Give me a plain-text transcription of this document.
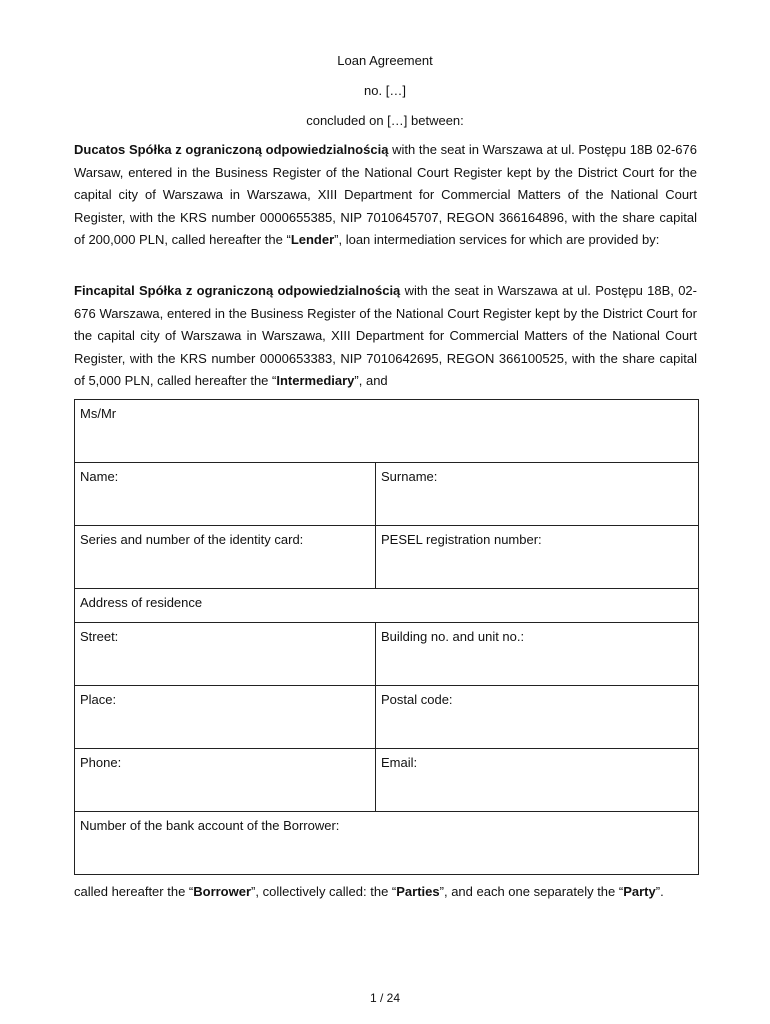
Loan Agreement
no. […]
concluded on […] between:
Ducatos Spółka z ograniczoną odpowiedzialnością with the seat in Warszawa at ul. Postępu 18B 02-676 Warsaw, entered in the Business Register of the National Court Register kept by the District Court for the capital city of Warszawa in Warszawa, XIII Department for Commercial Matters of the National Court Register, with the KRS number 0000655385, NIP 7010645707, REGON 366164896, with the share capital of 200,000 PLN, called hereafter the “Lender”, loan intermediation services for which are provided by:
Fincapital Spółka z ograniczoną odpowiedzialnością with the seat in Warszawa at ul. Postępu 18B, 02-676 Warszawa, entered in the Business Register of the National Court Register kept by the District Court for the capital city of Warszawa in Warszawa, XIII Department for Commercial Matters of the National Court Register, with the KRS number 0000653383, NIP 7010642695, REGON 366100525, with the share capital of 5,000 PLN, called hereafter the “Intermediary”, and
Ms/Mr	
Name:	Surname:
Series and number of the identity card:	PESEL registration number:
Address of residence	
Street:	Building no. and unit no.:
Place:	Postal code:
Phone:	Email:
Number of the bank account of the Borrower:	
called hereafter the “Borrower”, collectively called: the “Parties”, and each one separately the “Party”.
1 / 24
